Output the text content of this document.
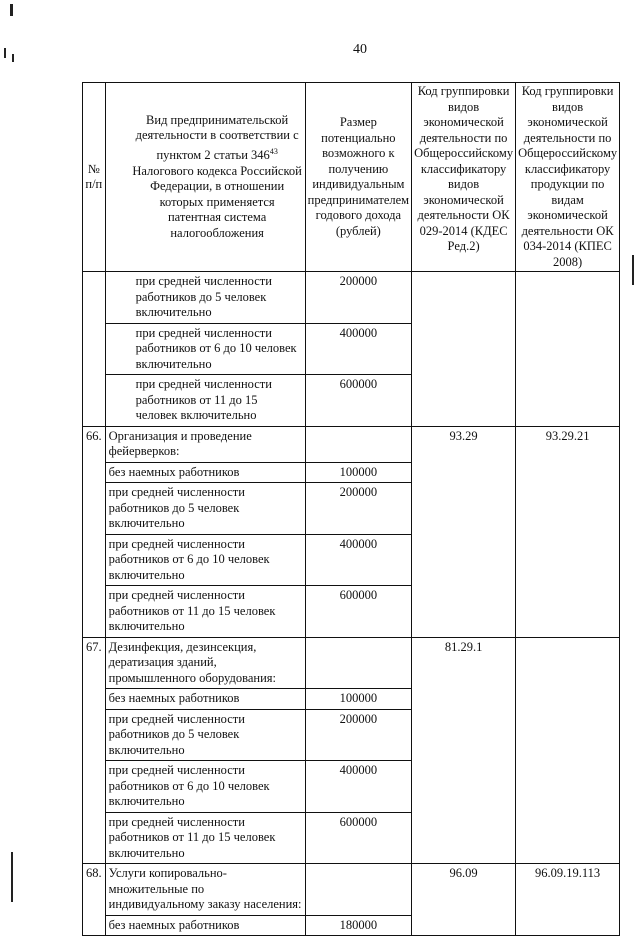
40
№ п/п	Вид предпринимательской деятельности в соответствии с пунктом 2 статьи $346^{43}$ Налогового кодекса Российской Федерации, в отношении которых применяется патентная система налогообложения	Размер потенциально возможного к получению индивидуальным предпринимателем годового дохода (рублей)	Код группировки видов экономической деятельности по Общероссийскому классификатору видов экономической деятельности ОК 029-2014 (КДЕС Ред.2)	Код группировки видов экономической деятельности по Общероссийскому классификатору продукции по видам экономической деятельности ОК 034-2014 (КПЕС 2008)
	при средней численности работников до 5 человек включительно	200000		
	при средней численности работников от 6 до 10 человек включительно	400000		
	при средней численности работников от 11 до 15 человек включительно	600000		
66.	Организация и проведение фейерверков:		93.29	93.29.21
	без наемных работников	100000		
	при средней численности работников до 5 человек включительно	200000		
	при средней численности работников от 6 до 10 человек включительно	400000		
	при средней численности работников от 11 до 15 человек включительно	600000		
67.	Дезинфекция, дезинсекция, дератизация зданий, промышленного оборудования:		81.29.1	
	без наемных работников	100000		
	при средней численности работников до 5 человек включительно	200000		
	при средней численности работников от 6 до 10 человек включительно	400000		
	при средней численности работников от 11 до 15 человек включительно	600000		
68.	Услуги копировально-множительные по индивидуальному заказу населения:		96.09	96.09.19.113
	без наемных работников	180000		
